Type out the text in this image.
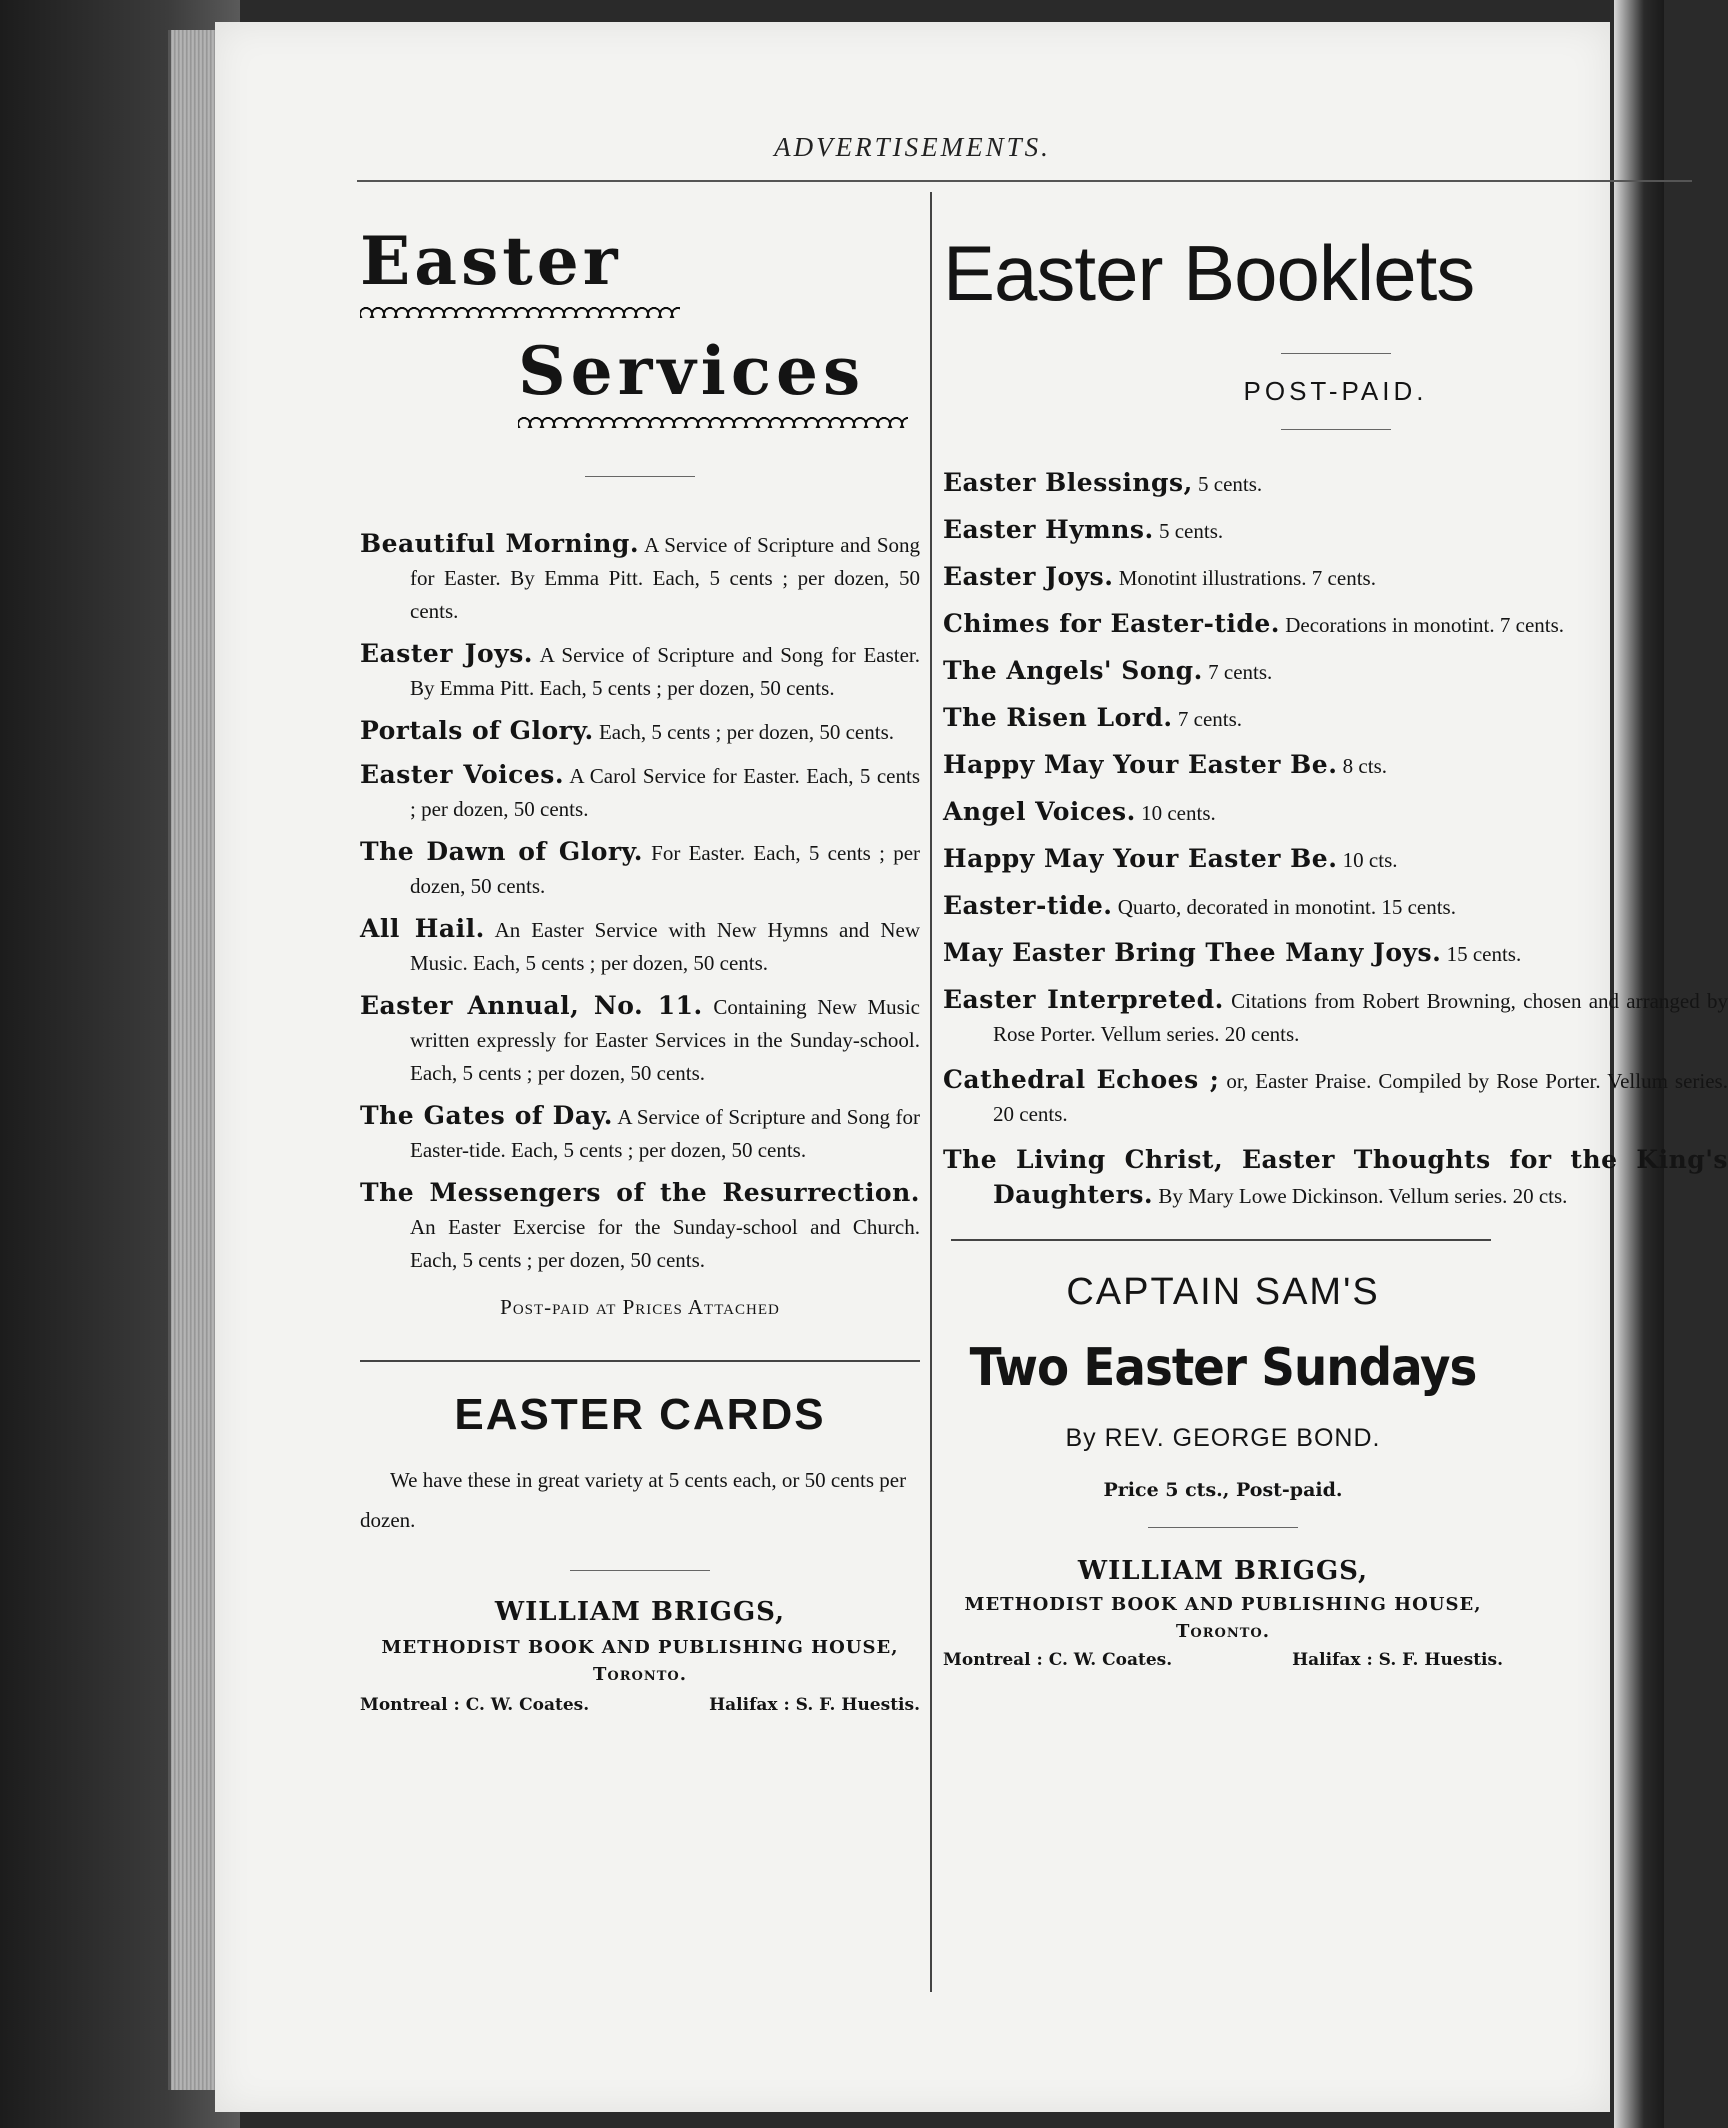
ADVERTISEMENTS.
Easter
Services

Beautiful Morning. A Service of Scripture and Song for Easter. By Emma Pitt. Each, 5 cents ; per dozen, 50 cents.

Easter Joys. A Service of Scripture and Song for Easter. By Emma Pitt. Each, 5 cents ; per dozen, 50 cents.

Portals of Glory. Each, 5 cents ; per dozen, 50 cents.

Easter Voices. A Carol Service for Easter. Each, 5 cents ; per dozen, 50 cents.

The Dawn of Glory. For Easter. Each, 5 cents ; per dozen, 50 cents.

All Hail. An Easter Service with New Hymns and New Music. Each, 5 cents ; per dozen, 50 cents.

Easter Annual, No. 11. Containing New Music written expressly for Easter Services in the Sunday-school. Each, 5 cents ; per dozen, 50 cents.

The Gates of Day. A Service of Scripture and Song for Easter-tide. Each, 5 cents ; per dozen, 50 cents.

The Messengers of the Resurrection. An Easter Exercise for the Sunday-school and Church. Each, 5 cents ; per dozen, 50 cents.

Post-paid at Prices Attached
EASTER CARDS

We have these in great variety at 5 cents each, or 50 cents per dozen.

WILLIAM BRIGGS,
METHODIST BOOK AND PUBLISHING HOUSE,
Toronto.
Montreal : C. W. Coates.	Halifax : S. F. Huestis.
Easter Booklets
POST-PAID.

Easter Blessings, 5 cents.

Easter Hymns. 5 cents.

Easter Joys. Monotint illustrations. 7 cents.

Chimes for Easter-tide. Decorations in monotint. 7 cents.

The Angels' Song. 7 cents.

The Risen Lord. 7 cents.

Happy May Your Easter Be. 8 cts.

Angel Voices. 10 cents.

Happy May Your Easter Be. 10 cts.

Easter-tide. Quarto, decorated in monotint. 15 cents.

May Easter Bring Thee Many Joys. 15 cents.

Easter Interpreted. Citations from Robert Browning, chosen and arranged by Rose Porter. Vellum series. 20 cents.

Cathedral Echoes ; or, Easter Praise. Compiled by Rose Porter. Vellum series. 20 cents.

The Living Christ, Easter Thoughts for the King's Daughters. By Mary Lowe Dickinson. Vellum series. 20 cts.

CAPTAIN SAM'S
Two Easter Sundays
By REV. GEORGE BOND.
Price 5 cts., Post-paid.
WILLIAM BRIGGS,
METHODIST BOOK AND PUBLISHING HOUSE,
Toronto.
Montreal : C. W. Coates.	Halifax : S. F. Huestis.
